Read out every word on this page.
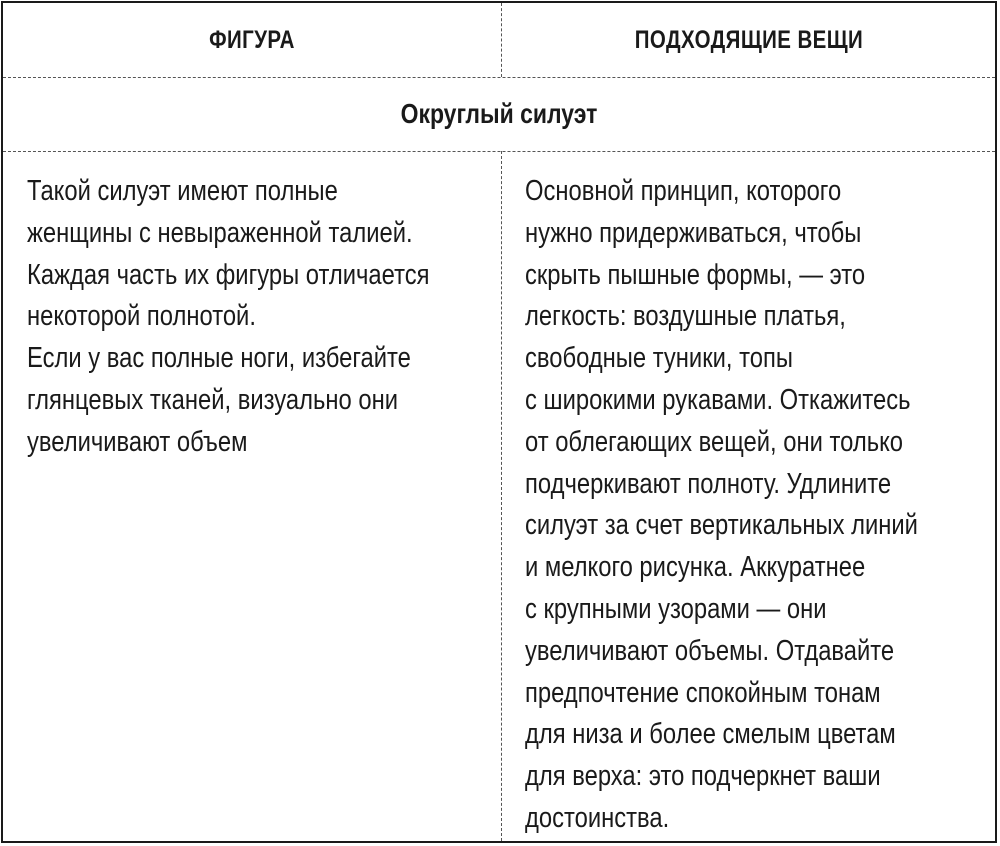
ФИГУРА	ПОДХОДЯЩИЕ ВЕЩИ
Округлый силуэт
Такой силуэт имеют полные
женщины с невыраженной талией.
Каждая часть их фигуры отличается
некоторой полнотой.
Если у вас полные ноги, избегайте
глянцевых тканей, визуально они
увеличивают объем
Основной принцип, которого
нужно придерживаться, чтобы
скрыть пышные формы, — это
легкость: воздушные платья,
свободные туники, топы
с широкими рукавами. Откажитесь
от облегающих вещей, они только
подчеркивают полноту. Удлините
силуэт за счет вертикальных линий
и мелкого рисунка. Аккуратнее
с крупными узорами — они
увеличивают объемы. Отдавайте
предпочтение спокойным тонам
для низа и более смелым цветам
для верха: это подчеркнет ваши
достоинства.
